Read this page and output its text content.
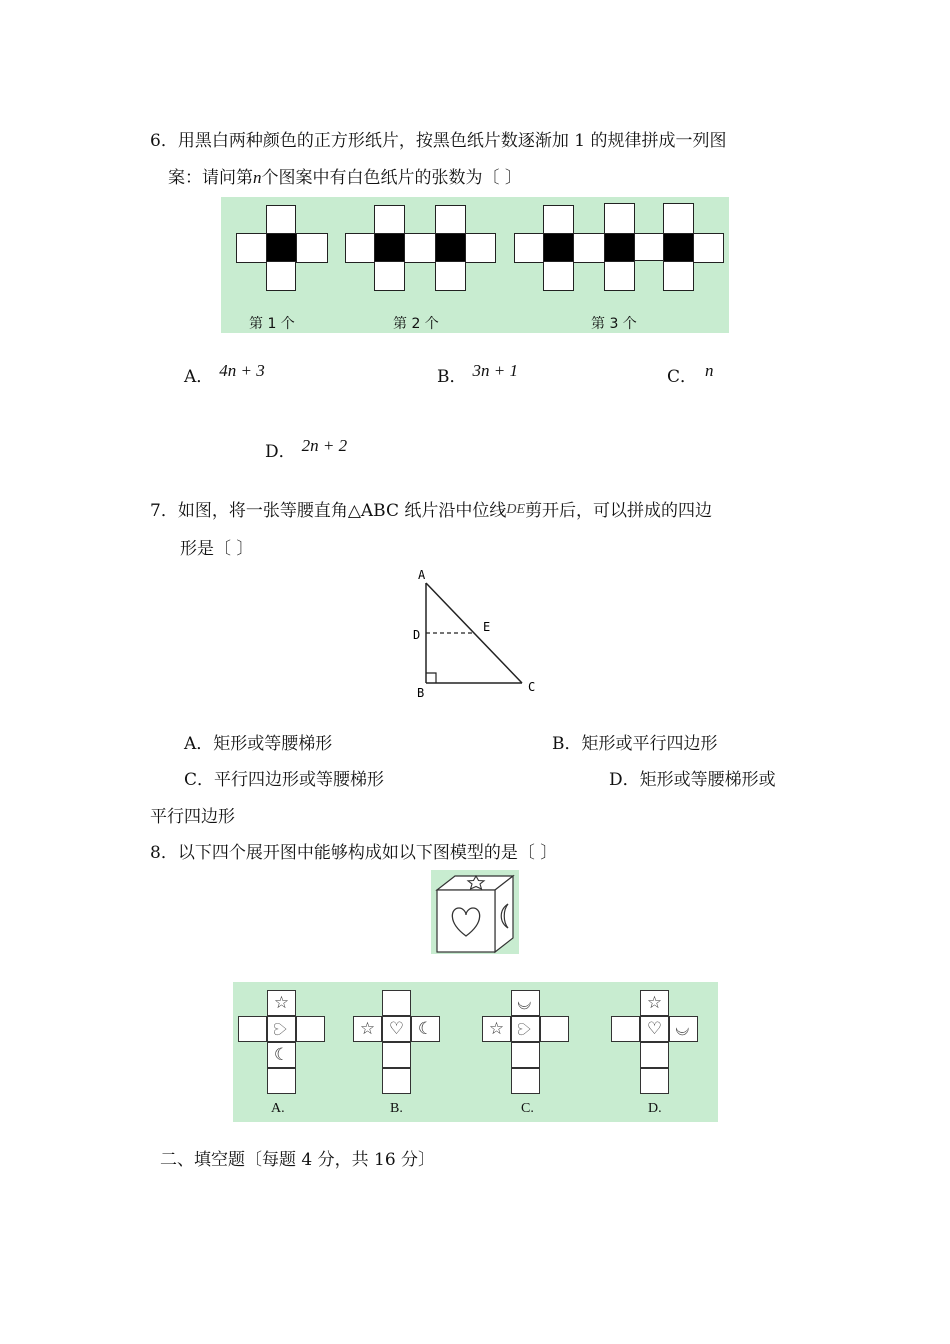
6．用黑白两种颜色的正方形纸片，按黑色纸片数逐渐加 1 的规律拼成一列图
案：请问第n个图案中有白色纸片的张数为〔 〕
第 1 个	第 2 个	第 3 个
A． 4n + 3	B． 3n + 1	C． n
D． 2n + 2
7．如图，将一张等腰直角△ABC 纸片沿中位线DE剪开后，可以拼成的四边
形是〔 〕
A
D
E
B	C
A．矩形或等腰梯形	B．矩形或平行四边形
C．平行四边形或等腰梯形	D．矩形或等腰梯形或
平行四边形
8．以下四个展开图中能够构成如以下图模型的是〔 〕
☆
♡
☾
A.
☆ ♡ ☾
B.
☾
☆ ♡
C.
☆
♡ ☾
D.
二、填空题〔每题 4 分，共 16 分〕
